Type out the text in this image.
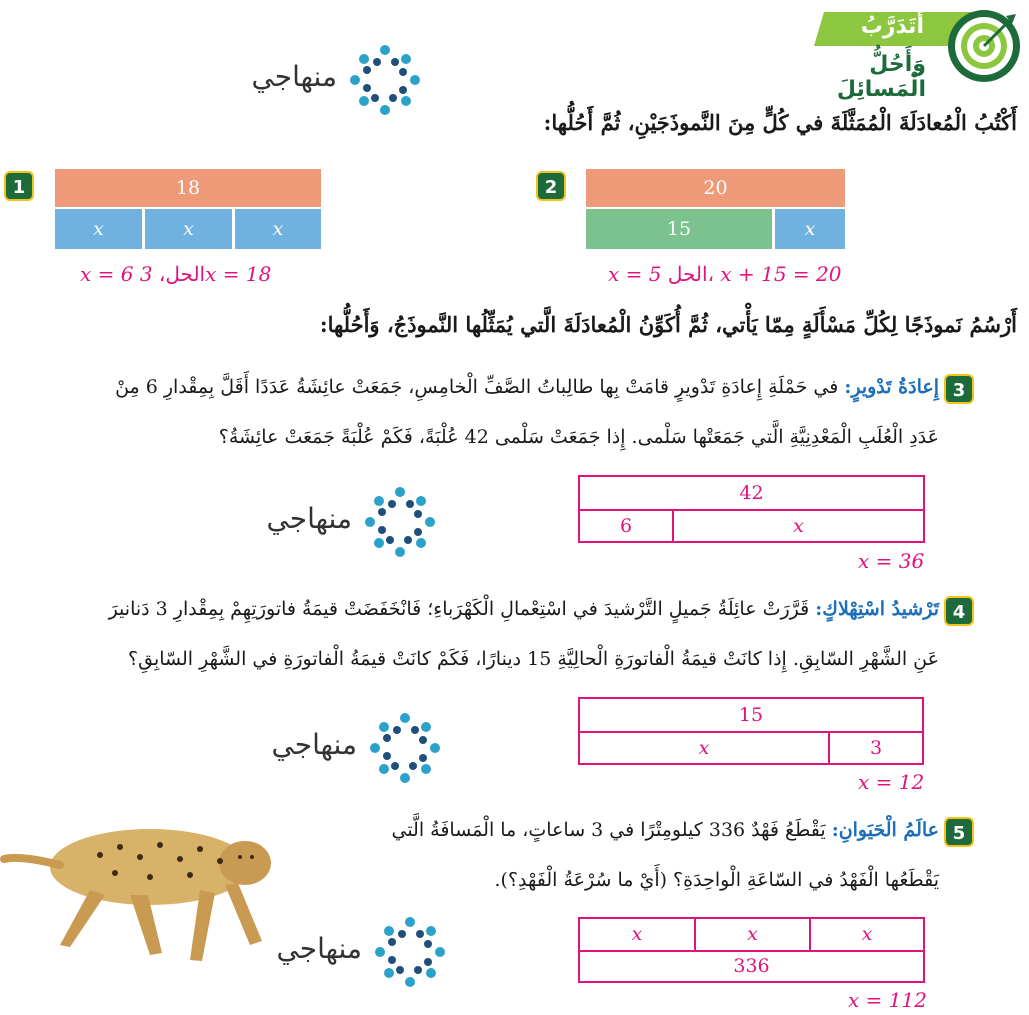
أَتَدَرَّبُ
وَأَحُلُّ الْمَسائِلَ
منهاجي
أَكْتُبُ الْمُعادَلَةَ الْمُمَثَّلَةَ في كُلٍّ مِنَ النَّموذَجَيْنِ، ثُمَّ أَحُلُّها:
1	18
x	x	x
x = 6 الحل، 3x = 18
2	20
15	x
x = 5 الحل، x + 15 = 20
أَرْسُمُ نَموذَجًا لِكُلِّ مَسْأَلَةٍ مِمّا يَأْتي، ثُمَّ أُكَوِّنُ الْمُعادَلَةَ الَّتي يُمَثِّلُها النَّموذَجُ، وَأَحُلُّها:
3
إِعادَةُ تَدْويرٍ: في حَمْلَةِ إِعادَةِ تَدْويرٍ قامَتْ بِها طالِباتُ الصَّفِّ الْخامِسِ، جَمَعَتْ عائِشَةُ عَدَدًا أَقَلَّ بِمِقْدارِ 6 مِنْ
عَدَدِ الْعُلَبِ الْمَعْدِنِيَّةِ الَّتي جَمَعَتْها سَلْمى. إِذا جَمَعَتْ سَلْمى 42 عُلْبَةً، فَكَمْ عُلْبَةً جَمَعَتْ عائِشَةُ؟
منهاجي
42
6	x
x = 36
4
تَرْشيدُ اسْتِهْلاكٍ: قَرَّرَتْ عائِلَةُ جَميلٍ التَّرْشيدَ في اسْتِعْمالِ الْكَهْرَباءِ؛ فَانْخَفَضَتْ قيمَةُ فاتورَتِهِمْ بِمِقْدارِ 3 دَنانيرَ
عَنِ الشَّهْرِ السّابِقِ. إِذا كانَتْ قيمَةُ الْفاتورَةِ الْحالِيَّةِ 15 دينارًا، فَكَمْ كانَتْ قيمَةُ الْفاتورَةِ في الشَّهْرِ السّابِقِ؟
منهاجي
15
x	3
x = 12
5
عالَمُ الْحَيَوانِ: يَقْطَعُ فَهْدٌ 336 كيلومِتْرًا في 3 ساعاتٍ، ما الْمَسافَةُ الَّتي
يَقْطَعُها الْفَهْدُ في السّاعَةِ الْواحِدَةِ؟ (أَيْ ما سُرْعَةُ الْفَهْدِ؟).
منهاجي	x	x	x
336
x = 112
